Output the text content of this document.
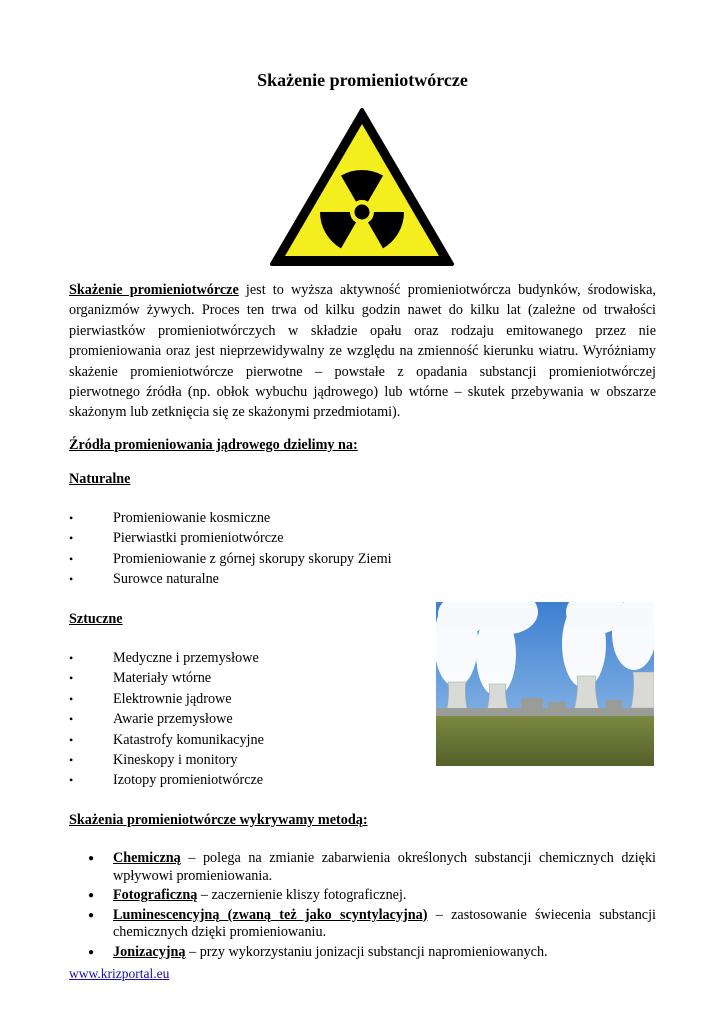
Skażenie promieniotwórcze

Skażenie promieniotwórcze jest to wyższa aktywność promieniotwórcza budynków, środowiska, organizmów żywych. Proces ten trwa od kilku godzin nawet do kilku lat (zależne od trwałości pierwiastków promieniotwórczych w składzie opału oraz rodzaju emitowanego przez nie promieniowania oraz jest nieprzewidywalny ze względu na zmienność kierunku wiatru. Wyróżniamy skażenie promieniotwórcze pierwotne – powstałe z opadania substancji promieniotwórczej pierwotnego źródła (np. obłok wybuchu jądrowego) lub wtórne – skutek przebywania w obszarze skażonym lub zetknięcia się ze skażonymi przedmiotami).

Źródła promieniowania jądrowego dzielimy na:

Naturalne

• Promieniowanie kosmiczne
• Pierwiastki promieniotwórcze
• Promieniowanie z górnej skorupy skorupy Ziemi
• Surowce naturalne

Sztuczne

• Medyczne i przemysłowe
• Materiały wtórne
• Elektrownie jądrowe
• Awarie przemysłowe
• Katastrofy komunikacyjne
• Kineskopy i monitory
• Izotopy promieniotwórcze

Skażenia promieniotwórcze wykrywamy metodą:

● Chemiczną – polega na zmianie zabarwienia określonych substancji chemicznych dzięki wpływowi promieniowania.
● Fotograficzną – zaczernienie kliszy fotograficznej.
● Luminescencyjną (zwaną też jako scyntylacyjna) – zastosowanie świecenia substancji chemicznych dzięki promieniowaniu.
● Jonizacyjną – przy wykorzystaniu jonizacji substancji napromieniowanych.
www.krizportal.eu
